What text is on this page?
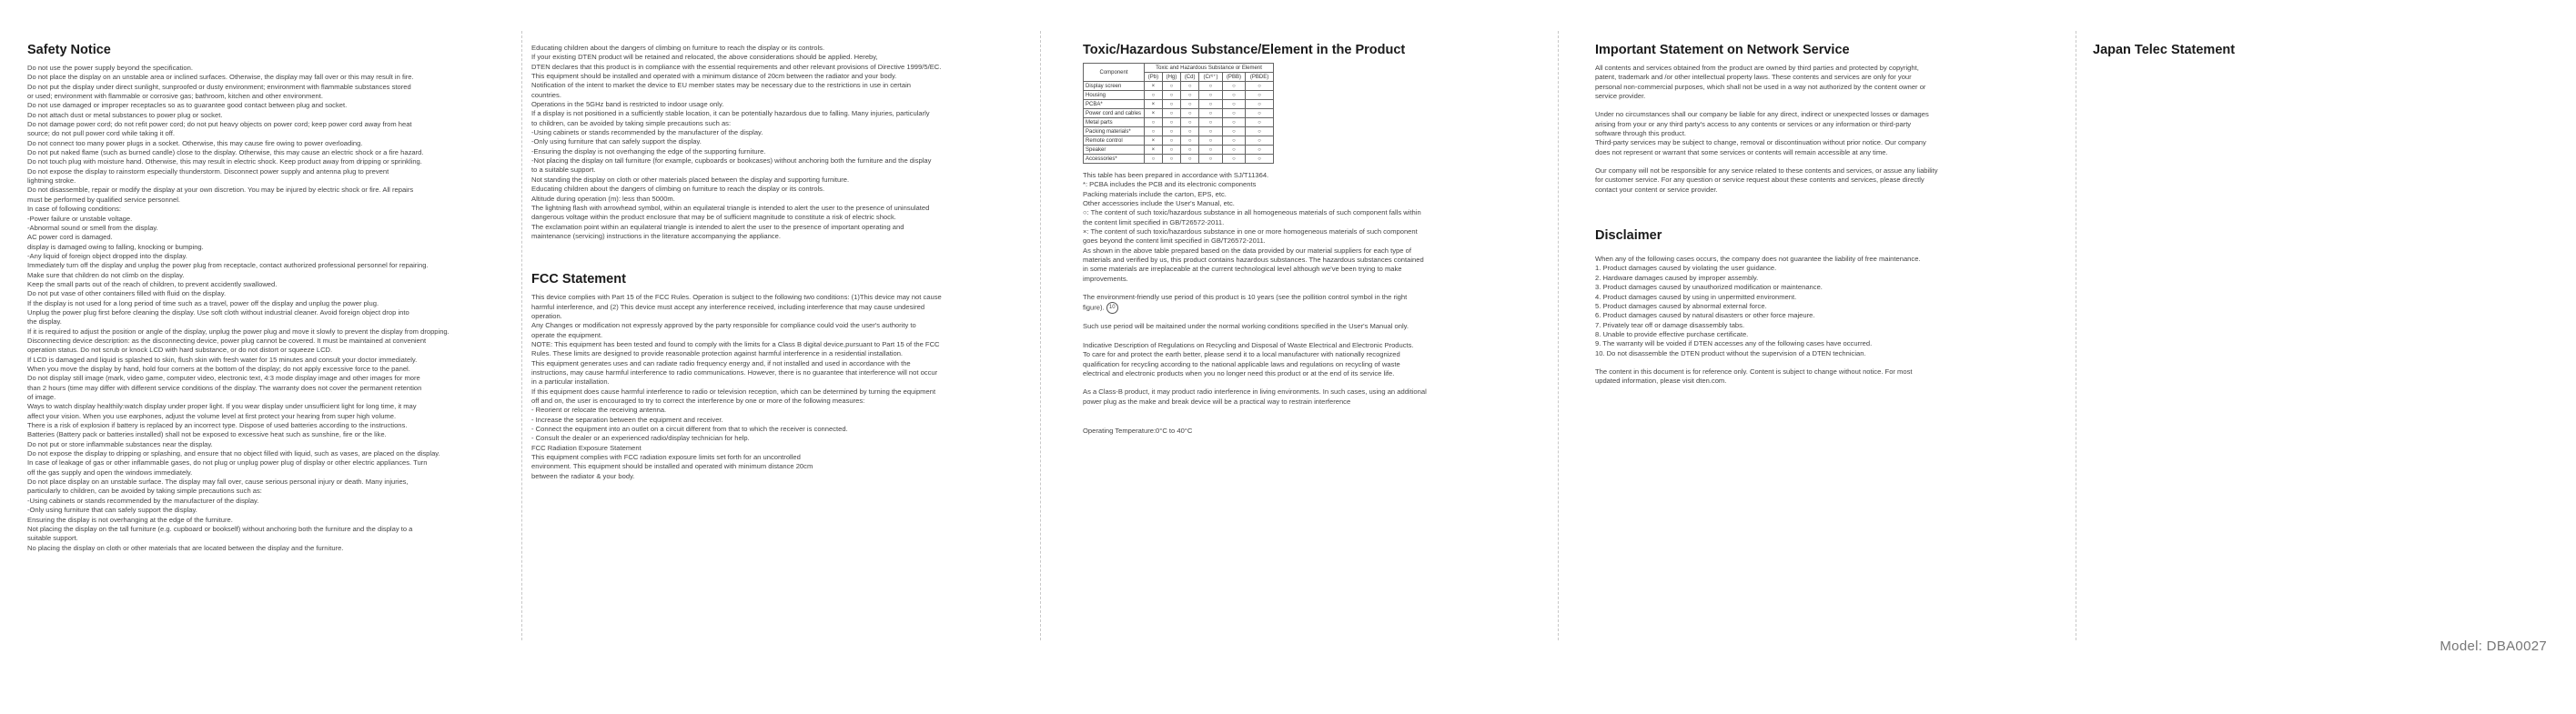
Safety Notice

Do not use the power supply beyond the specification.

Do not place the display on an unstable area or inclined surfaces. Otherwise, the display may fall over or this may result in fire.

Do not put the display under direct sunlight, sunproofed or dusty environment; environment with flammable substances stored

or used; environment with flammable or corrosive gas; bathroom, kitchen and other environment.

Do not use damaged or improper receptacles so as to guarantee good contact between plug and socket.

Do not attach dust or metal substances to power plug or socket.

Do not damage power cord; do not refit power cord; do not put heavy objects on power cord; keep power cord away from heat

source; do not pull power cord while taking it off.

Do not connect too many power plugs in a socket. Otherwise, this may cause fire owing to power overloading.

Do not put naked flame (such as burned candle) close to the display. Otherwise, this may cause an electric shock or a fire hazard.

Do not touch plug with moisture hand. Otherwise, this may result in electric shock. Keep product away from dripping or sprinkling.

Do not expose the display to rainstorm especially thunderstorm. Disconnect power supply and antenna plug to prevent

lightning stroke.

Do not disassemble, repair or modify the display at your own discretion. You may be injured by electric shock or fire. All repairs

must be performed by qualified service personnel.

In case of following conditions:

-Power failure or unstable voltage.

-Abnormal sound or smell from the display.

AC power cord is damaged.

display is damaged owing to falling, knocking or bumping.

-Any liquid of foreign object dropped into the display.

Immediately turn off the display and unplug the power plug from receptacle, contact authorized professional personnel for repairing.

Make sure that children do not climb on the display.

Keep the small parts out of the reach of children, to prevent accidently swallowed.

Do not put vase of other containers filled with fluid on the display.

If the display is not used for a long period of time such as a travel, power off the display and unplug the power plug.

Unplug the power plug first before cleaning the display. Use soft cloth without industrial cleaner. Avoid foreign object drop into

the display.

If it is required to adjust the position or angle of the display, unplug the power plug and move it slowly to prevent the display from dropping.

Disconnecting device description: as the disconnecting device, power plug cannot be covered. It must be maintained at convenient

operation status. Do not scrub or knock LCD with hard substance, or do not distort or squeeze LCD.

If LCD is damaged and liquid is splashed to skin, flush skin with fresh water for 15 minutes and consult your doctor immediately.

When you move the display by hand, hold four corners at the bottom of the display; do not apply excessive force to the panel.

Do not display still image (mark, video game, computer video, electronic text, 4:3 mode display image and other images for more

than 2 hours (time may differ with different service conditions of the display. The warranty does not cover the permanent retention

of image.

Ways to watch display healthily:watch display under proper light. If you wear display under unsufficient light for long time, it may

affect your vision. When you use earphones, adjust the volume level at first protect your hearing from super high volume.

There is a risk of explosion if battery is replaced by an incorrect type. Dispose of used batteries according to the instructions.

Batteries (Battery pack or batteries installed) shall not be exposed to excessive heat such as sunshine, fire or the like.

Do not put or store inflammable substances near the display.

Do not expose the display to dripping or splashing, and ensure that no object filled with liquid, such as vases, are placed on the display.

In case of leakage of gas or other inflammable gases, do not plug or unplug power plug of display or other electric appliances. Turn

off the gas supply and open the windows immediately.

Do not place display on an unstable surface. The display may fall over, cause serious personal injury or death. Many injuries,

particularly to children, can be avoided by taking simple precautions such as:

-Using cabinets or stands recommended by the manufacturer of the display.

-Only using furniture that can safely support the display.

Ensuring the display is not overhanging at the edge of the furniture.

Not placing the display on the tall furniture (e.g. cupboard or bookself) without anchoring both the furniture and the display to a

suitable support.

No placing the display on cloth or other materials that are located between the display and the furniture.

Educating children about the dangers of climbing on furniture to reach the display or its controls.

If your existing DTEN product will be retained and relocated, the above considerations should be applied. Hereby,

DTEN declares that this product is in compliance with the essential requirements and other relevant provisions of Directive 1999/5/EC.

This equipment should be installed and operated with a minimum distance of 20cm between the radiator and your body.

Notification of the intent to market the device to EU member states may be necessary due to the restrictions in use in certain

countries.

Operations in the 5GHz band is restricted to indoor usage only.

If a display is not positioned in a sufficiently stable location, it can be potentially hazardous due to falling. Many injuries, particularly

to children, can be avoided by taking simple precautions such as:

-Using cabinets or stands recommended by the manufacturer of the display.

-Only using furniture that can safely support the display.

-Ensuring the display is not overhanging the edge of the supporting furniture.

-Not placing the display on tall furniture (for example, cupboards or bookcases) without anchoring both the furniture and the display

to a suitable support.

Not standing the display on cloth or other materials placed between the display and supporting furniture.

Educating children about the dangers of climbing on furniture to reach the display or its controls.

Altitude during operation (m): less than 5000m.

The lightning flash with arrowhead symbol, within an equilateral triangle is intended to alert the user to the presence of uninsulated

dangerous voltage within the product enclosure that may be of sufficient magnitude to constitute a risk of electric shock.

The exclamation point within an equilateral triangle is intended to alert the user to the presence of important operating and

maintenance (servicing) instructions in the literature accompanying the appliance.

FCC Statement

This device complies with Part 15 of the FCC Rules. Operation is subject to the following two conditions: (1)This device may not cause

harmful interference, and (2) This device must accept any interference received, including interference that may cause undesired

operation.

Any Changes or modification not expressly approved by the party responsible for compliance could void the user's authority to

operate the equipment.

NOTE: This equipment has been tested and found to comply with the limits for a Class B digital device,pursuant to Part 15 of the FCC

Rules. These limits are designed to provide reasonable protection against harmful interference in a residential installation.

This equipment generates uses and can radiate radio frequency energy and, if not installed and used in accordance with the

instructions, may cause harmful interference to radio communications. However, there is no guarantee that interference will not occur

in a particular installation.

If this equipment does cause harmful interference to radio or television reception, which can be determined by turning the equipment

off and on, the user is encouraged to try to correct the interference by one or more of the following measures:

- Reorient or relocate the receiving antenna.

- Increase the separation between the equipment and receiver.

- Connect the equipment into an outlet on a circuit different from that to which the receiver is connected.

- Consult the dealer or an experienced radio/display technician for help.

FCC Radiation Exposure Statement

This equipment complies with FCC radiation exposure limits set forth for an uncontrolled

environment. This equipment should be installed and operated with minimum distance 20cm

between the radiator & your body.

Toxic/Hazardous Substance/Element in the Product
Component	Toxic and Hazardous Substance or Element					
	(Pb)	(Hg)	(Cd)	(Cr⁶⁺)	(PBB)	(PBDE)
Display screen	×	○	○	○	○	○
Housing	○	○	○	○	○	○
PCBA*	×	○	○	○	○	○
Power cord and cables	×	○	○	○	○	○
Metal parts	○	○	○	○	○	○
Packing materials*	○	○	○	○	○	○
Remote control	×	○	○	○	○	○
Speaker	×	○	○	○	○	○
Accessories*	○	○	○	○	○	○

This table has been prepared in accordance with SJ/T11364.

*: PCBA includes the PCB and its electronic components

Packing materials include the carton, EPS, etc.

Other accessories include the User's Manual, etc.

○: The content of such toxic/hazardous substance in all homogeneous materials of such component falls within

the content limit specified in GB/T26572-2011.

×: The content of such toxic/hazardous substance in one or more homogeneous materials of such component

goes beyond the content limit specified in GB/T26572-2011.

As shown in the above table prepared based on the data provided by our material suppliers for each type of

materials and verified by us, this product contains hazardous substances. The hazardous substances contained

in some materials are irreplaceable at the current technological level although we've been trying to make

improvements.

The environment-friendly use period of this product is 10 years (see the pollition control symbol in the right

figure). 10

Such use period will be maitained under the normal working conditions specified in the User's Manual only.

Indicative Description of Regulations on Recycling and Disposal of Waste Electrical and Electronic Products.

To care for and protect the earth better, please send it to a local manufacturer with nationally recognized

qualification for recycling according to the national applicable laws and regulations on recycling of waste

electrical and electronic products when you no longer need this product or at the end of its service life.

As a Class-B product, it may product radio interference in living environments. In such cases, using an additional

power plug as the make and break device will be a practical way to restrain interference

Operating Temperature:0°C to 40°C

Important Statement on Network Service

All contents and services obtained from the product are owned by third parties and protected by copyright,

patent, trademark and /or other intellectual property laws. These contents and services are only for your

personal non-commercial purposes, which shall not be used in a way not authorized by the content owner or

service provider.

Under no circumstances shall our company be liable for any direct, indirect or unexpected losses or damages

arising from your or any third party's access to any contents or services or any information or third-party

software through this product.

Third-party services may be subject to change, removal or discontinuation without prior notice. Our company

does not represent or warrant that some services or contents will remain accessible at any time.

Our company will not be responsible for any service related to these contents and services, or assue any liability

for customer service. For any question or service request about these contents and services, please directly

contact your content or service provider.

Disclaimer

When any of the following cases occurs, the company does not guarantee the liability of free maintenance.

1. Product damages caused by violating the user guidance.

2. Hardware damages caused by improper assembly.

3. Product damages caused by unauthorized modification or maintenance.

4. Product damages caused by using in unpermitted environment.

5. Product damages caused by abnormal external force.

6. Product damages caused by natural disasters or other force majeure.

7. Privately tear off or damage disassembly tabs.

8. Unable to provide effective purchase certificate.

9. The warranty will be voided if DTEN accesses any of the following cases have occurred.

10. Do not disassemble the DTEN product without the supervision of a DTEN technician.

The content in this document is for reference only. Content is subject to change without notice. For most

updated information, please visit dten.com.

Japan Telec Statement
Model: DBA0027
